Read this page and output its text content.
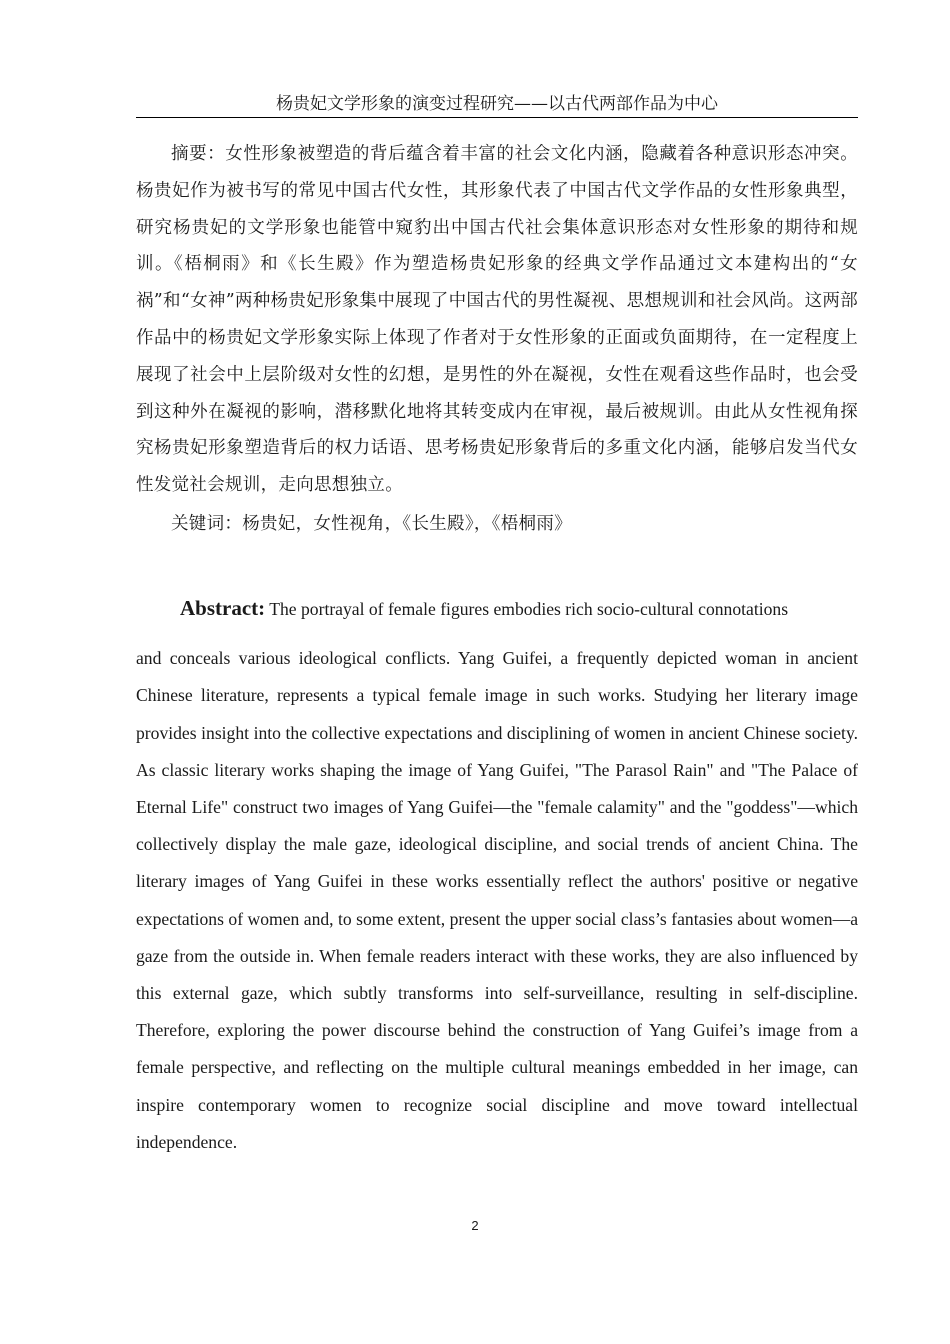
杨贵妃文学形象的演变过程研究——以古代两部作品为中心

摘要：女性形象被塑造的背后蕴含着丰富的社会文化内涵，隐藏着各种意识形态冲突。杨贵妃作为被书写的常见中国古代女性，其形象代表了中国古代文学作品的女性形象典型，研究杨贵妃的文学形象也能管中窥豹出中国古代社会集体意识形态对女性形象的期待和规训。《梧桐雨》和《长生殿》作为塑造杨贵妃形象的经典文学作品通过文本建构出的“女祸”和“女神”两种杨贵妃形象集中展现了中国古代的男性凝视、思想规训和社会风尚。这两部作品中的杨贵妃文学形象实际上体现了作者对于女性形象的正面或负面期待，在一定程度上展现了社会中上层阶级对女性的幻想，是男性的外在凝视，女性在观看这些作品时，也会受到这种外在凝视的影响，潜移默化地将其转变成内在审视，最后被规训。由此从女性视角探究杨贵妃形象塑造背后的权力话语、思考杨贵妃形象背后的多重文化内涵，能够启发当代女性发觉社会规训，走向思想独立。

关键词：杨贵妃，女性视角，《长生殿》，《梧桐雨》

Abstract: The portrayal of female figures embodies rich socio-cultural connotations
and conceals various ideological conflicts. Yang Guifei, a frequently depicted woman in ancient Chinese literature, represents a typical female image in such works. Studying her literary image provides insight into the collective expectations and disciplining of women in ancient Chinese society. As classic literary works shaping the image of Yang Guifei, "The Parasol Rain" and "The Palace of Eternal Life" construct two images of Yang Guifei—the "female calamity" and the "goddess"—which collectively display the male gaze, ideological discipline, and social trends of ancient China. The literary images of Yang Guifei in these works essentially reflect the authors' positive or negative expectations of women and, to some extent, present the upper social class’s fantasies about women—a gaze from the outside in. When female readers interact with these works, they are also influenced by this external gaze, which subtly transforms into self-surveillance, resulting in self-discipline. Therefore, exploring the power discourse behind the construction of Yang Guifei’s image from a female perspective, and reflecting on the multiple cultural meanings embedded in her image, can inspire contemporary women to recognize social discipline and move toward intellectual independence.

2
